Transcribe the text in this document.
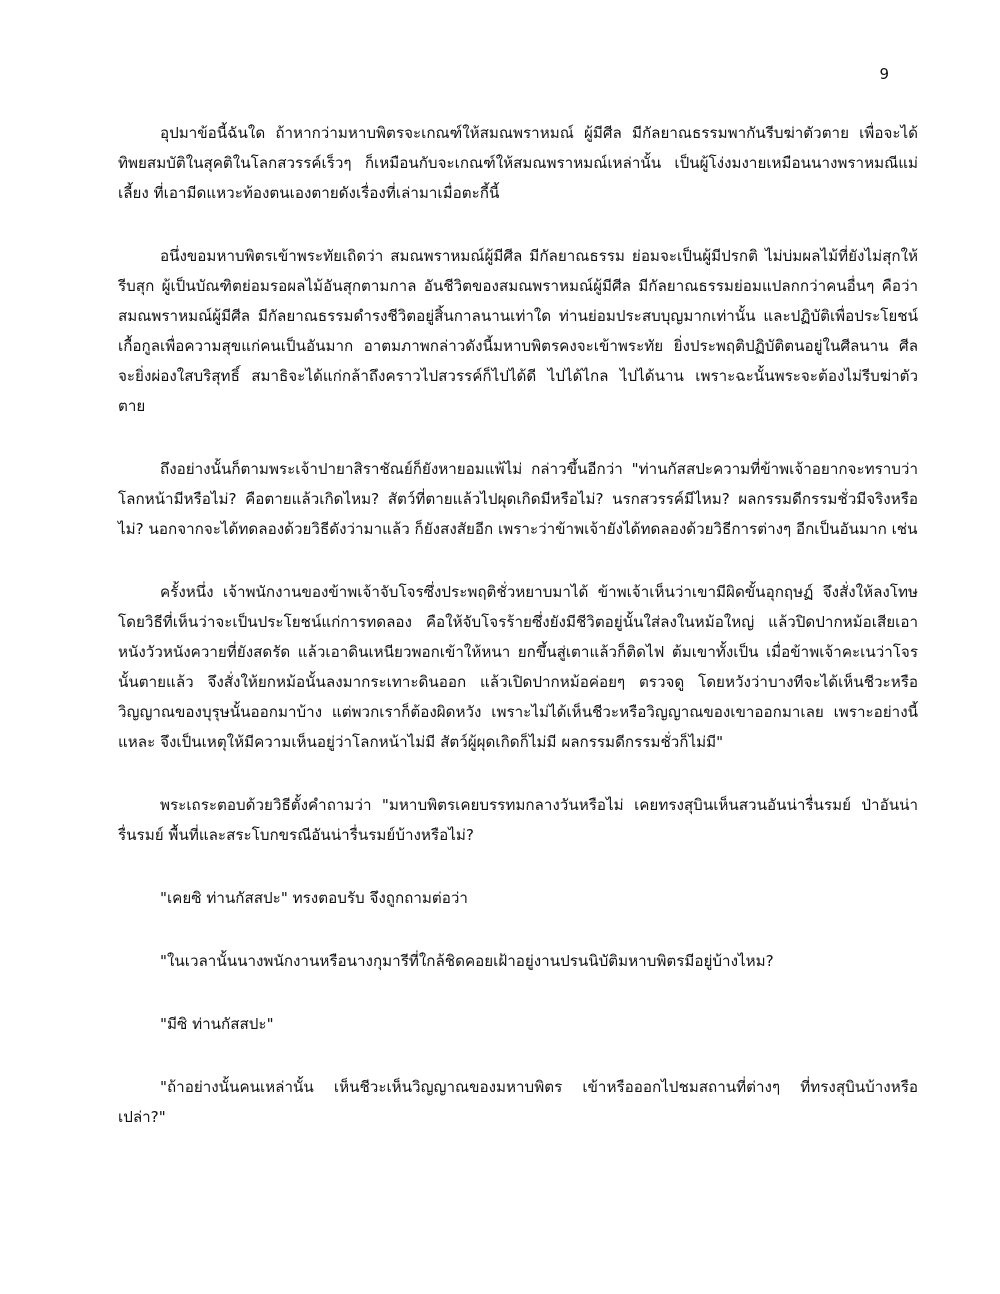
9

อุปมาข้อนี้ฉันใด ถ้าหากว่ามหาบพิตรจะเกณฑ์ให้สมณพราหมณ์ ผู้มีศีล มีกัลยาณธรรมพากันรีบฆ่าตัวตาย เพื่อจะได้ทิพยสมบัติในสุคติในโลกสวรรค์เร็วๆ ก็เหมือนกับจะเกณฑ์ให้สมณพราหมณ์เหล่านั้น เป็นผู้โง่งมงายเหมือนนางพราหมณีแม่เลี้ยง ที่เอามีดแหวะท้องตนเองตายดังเรื่องที่เล่ามาเมื่อตะกี้นี้

อนึ่งขอมหาบพิตรเข้าพระทัยเถิดว่า สมณพราหมณ์ผู้มีศีล มีกัลยาณธรรม ย่อมจะเป็นผู้มีปรกติ ไม่บ่มผลไม้ที่ยังไม่สุกให้รีบสุก ผู้เป็นบัณฑิตย่อมรอผลไม้อันสุกตามกาล อันชีวิตของสมณพราหมณ์ผู้มีศีล มีกัลยาณธรรมย่อมแปลกกว่าคนอื่นๆ คือว่า สมณพราหมณ์ผู้มีศีล มีกัลยาณธรรมดำรงชีวิตอยู่สิ้นกาลนานเท่าใด ท่านย่อมประสบบุญมากเท่านั้น และปฏิบัติเพื่อประโยชน์เกื้อกูลเพื่อความสุขแก่คนเป็นอันมาก อาตมภาพกล่าวดังนี้มหาบพิตรคงจะเข้าพระทัย ยิ่งประพฤติปฏิบัติตนอยู่ในศีลนาน ศีลจะยิ่งผ่องใสบริสุทธิ์ สมาธิจะได้แก่กล้าถึงคราวไปสวรรค์ก็ไปได้ดี ไปได้ไกล ไปได้นาน เพราะฉะนั้นพระจะต้องไม่รีบฆ่าตัวตาย

ถึงอย่างนั้นก็ตามพระเจ้าปายาสิราชัณย์ก็ยังหายอมแพ้ไม่ กล่าวขึ้นอีกว่า "ท่านกัสสปะความที่ข้าพเจ้าอยากจะทราบว่าโลกหน้ามีหรือไม่? คือตายแล้วเกิดไหม? สัตว์ที่ตายแล้วไปผุดเกิดมีหรือไม่? นรกสวรรค์มีไหม? ผลกรรมดีกรรมชั่วมีจริงหรือไม่? นอกจากจะได้ทดลองด้วยวิธีดังว่ามาแล้ว ก็ยังสงสัยอีก เพราะว่าข้าพเจ้ายังได้ทดลองด้วยวิธีการต่างๆ อีกเป็นอันมาก เช่น

ครั้งหนึ่ง เจ้าพนักงานของข้าพเจ้าจับโจรซึ่งประพฤติชั่วหยาบมาได้ ข้าพเจ้าเห็นว่าเขามีผิดขั้นอุกฤษฏ์ จึงสั่งให้ลงโทษโดยวิธีที่เห็นว่าจะเป็นประโยชน์แก่การทดลอง คือให้จับโจรร้ายซึ่งยังมีชีวิตอยู่นั้นใส่ลงในหม้อใหญ่ แล้วปิดปากหม้อเสียเอาหนังวัวหนังควายที่ยังสดรัด แล้วเอาดินเหนียวพอกเข้าให้หนา ยกขึ้นสู่เตาแล้วก็ติดไฟ ต้มเขาทั้งเป็น เมื่อข้าพเจ้าคะเนว่าโจรนั้นตายแล้ว จึงสั่งให้ยกหม้อนั้นลงมากระเทาะดินออก แล้วเปิดปากหม้อค่อยๆ ตรวจดู โดยหวังว่าบางทีจะได้เห็นชีวะหรือวิญญาณของบุรุษนั้นออกมาบ้าง แต่พวกเราก็ต้องผิดหวัง เพราะไม่ได้เห็นชีวะหรือวิญญาณของเขาออกมาเลย เพราะอย่างนี้แหละ จึงเป็นเหตุให้มีความเห็นอยู่ว่าโลกหน้าไม่มี สัตว์ผู้ผุดเกิดก็ไม่มี ผลกรรมดีกรรมชั่วก็ไม่มี"

พระเถระตอบด้วยวิธีตั้งคำถามว่า "มหาบพิตรเคยบรรทมกลางวันหรือไม่ เคยทรงสุบินเห็นสวนอันน่ารื่นรมย์ ป่าอันน่ารื่นรมย์ พื้นที่และสระโบกขรณีอันน่ารื่นรมย์บ้างหรือไม่?

"เคยซิ ท่านกัสสปะ" ทรงตอบรับ จึงถูกถามต่อว่า

"ในเวลานั้นนางพนักงานหรือนางกุมารีที่ใกล้ชิดคอยเฝ้าอยู่งานปรนนิบัติมหาบพิตรมีอยู่บ้างไหม?

"มีซิ ท่านกัสสปะ"

"ถ้าอย่างนั้นคนเหล่านั้น เห็นชีวะเห็นวิญญาณของมหาบพิตร เข้าหรือออกไปชมสถานที่ต่างๆ ที่ทรงสุบินบ้างหรือเปล่า?"
